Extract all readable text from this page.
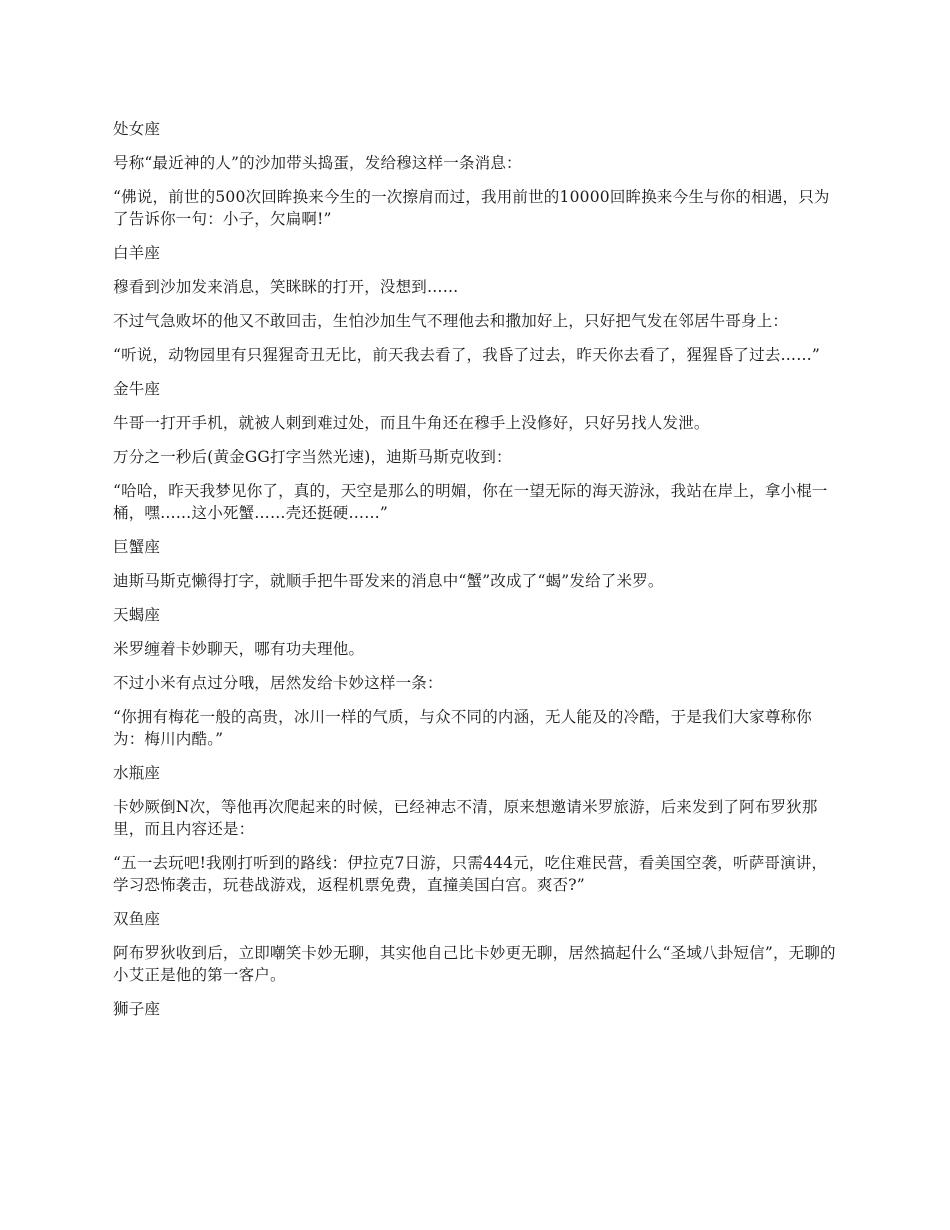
处女座

号称“最近神的人”的沙加带头捣蛋，发给穆这样一条消息：

“佛说，前世的500次回眸换来今生的一次擦肩而过，我用前世的10000回眸换来今生与你的相遇，只为了告诉你一句：小子，欠扁啊!”

白羊座

穆看到沙加发来消息，笑眯眯的打开，没想到……

不过气急败坏的他又不敢回击，生怕沙加生气不理他去和撒加好上，只好把气发在邻居牛哥身上：

“听说，动物园里有只猩猩奇丑无比，前天我去看了，我昏了过去，昨天你去看了，猩猩昏了过去……”

金牛座

牛哥一打开手机，就被人刺到难过处，而且牛角还在穆手上没修好，只好另找人发泄。

万分之一秒后(黄金GG打字当然光速)，迪斯马斯克收到：

“哈哈，昨天我梦见你了，真的，天空是那么的明媚，你在一望无际的海天游泳，我站在岸上，拿小棍一桶，嘿……这小死蟹……壳还挺硬……”

巨蟹座

迪斯马斯克懒得打字，就顺手把牛哥发来的消息中“蟹”改成了“蝎”发给了米罗。

天蝎座

米罗缠着卡妙聊天，哪有功夫理他。

不过小米有点过分哦，居然发给卡妙这样一条：

“你拥有梅花一般的高贵，冰川一样的气质，与众不同的内涵，无人能及的冷酷，于是我们大家尊称你为：梅川内酷。”

水瓶座

卡妙厥倒N次，等他再次爬起来的时候，已经神志不清，原来想邀请米罗旅游，后来发到了阿布罗狄那里，而且内容还是：

“五一去玩吧!我刚打听到的路线：伊拉克7日游，只需444元，吃住难民营，看美国空袭，听萨哥演讲，学习恐怖袭击，玩巷战游戏，返程机票免费，直撞美国白宫。爽否?”

双鱼座

阿布罗狄收到后，立即嘲笑卡妙无聊，其实他自己比卡妙更无聊，居然搞起什么“圣域八卦短信”，无聊的小艾正是他的第一客户。

狮子座
